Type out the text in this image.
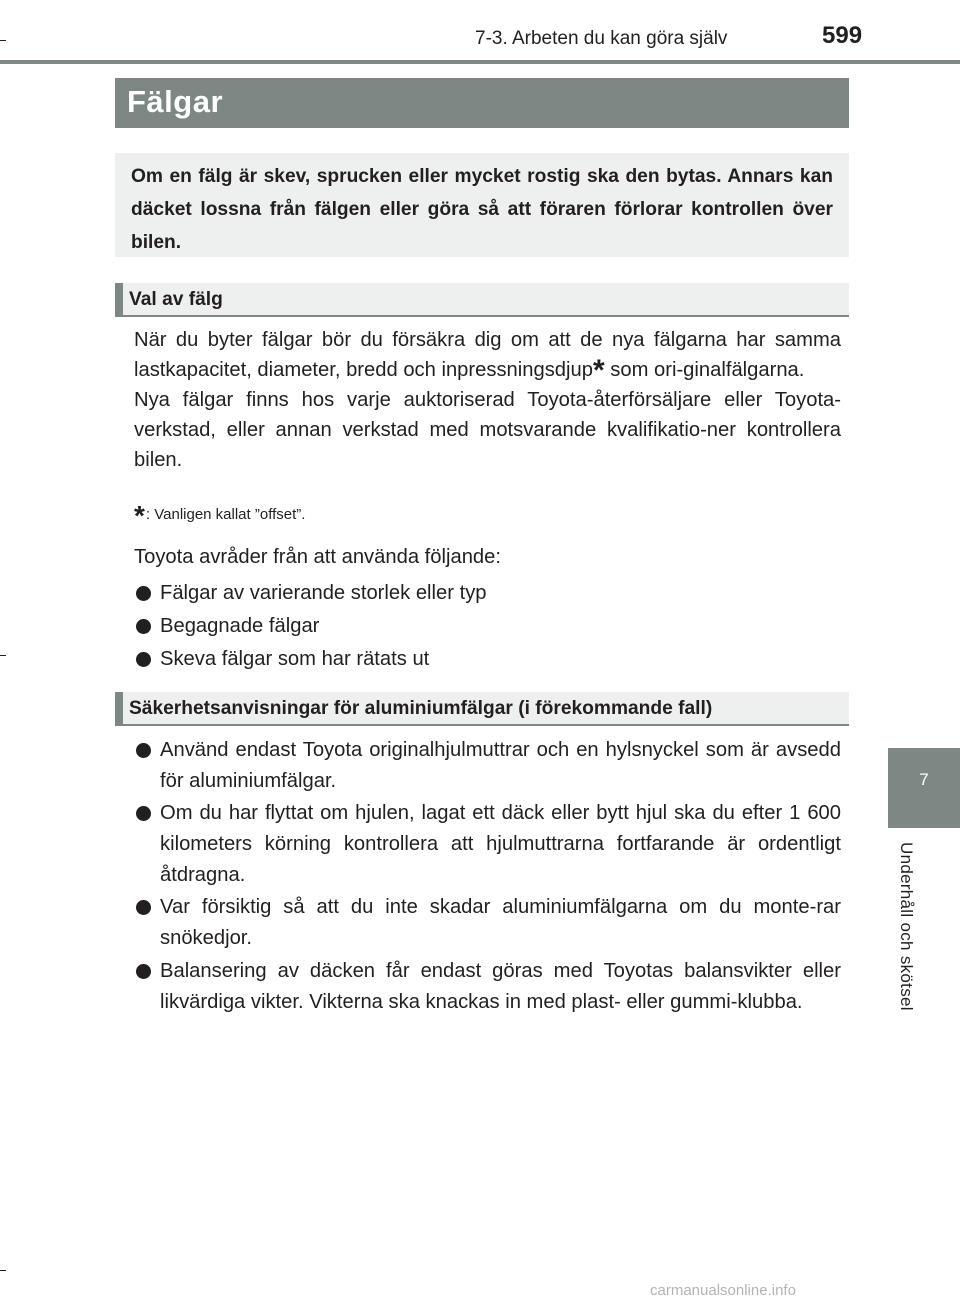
7-3. Arbeten du kan göra själv	599
Fälgar
Om en fälg är skev, sprucken eller mycket rostig ska den bytas. Annars kan däcket lossna från fälgen eller göra så att föraren förlorar kontrollen över bilen.
Val av fälg

När du byter fälgar bör du försäkra dig om att de nya fälgarna har samma lastkapacitet, diameter, bredd och inpressningsdjup* som ori-ginalfälgarna.

Nya fälgar finns hos varje auktoriserad Toyota-återförsäljare eller Toyota-verkstad, eller annan verkstad med motsvarande kvalifikatio-ner kontrollera bilen.

*: Vanligen kallat ”offset”.
Toyota avråder från att använda följande:
Fälgar av varierande storlek eller typ
Begagnade fälgar
Skeva fälgar som har rätats ut
Säkerhetsanvisningar för aluminiumfälgar (i förekommande fall)
Använd endast Toyota originalhjulmuttrar och en hylsnyckel som är avsedd för aluminiumfälgar.
Om du har flyttat om hjulen, lagat ett däck eller bytt hjul ska du efter 1 600 kilometers körning kontrollera att hjulmuttrarna fortfarande är ordentligt åtdragna.
Var försiktig så att du inte skadar aluminiumfälgarna om du monte-rar snökedjor.
Balansering av däcken får endast göras med Toyotas balansvikter eller likvärdiga vikter. Vikterna ska knackas in med plast- eller gummi-klubba.
7
Underhåll och skötsel
carmanualsonline.info
